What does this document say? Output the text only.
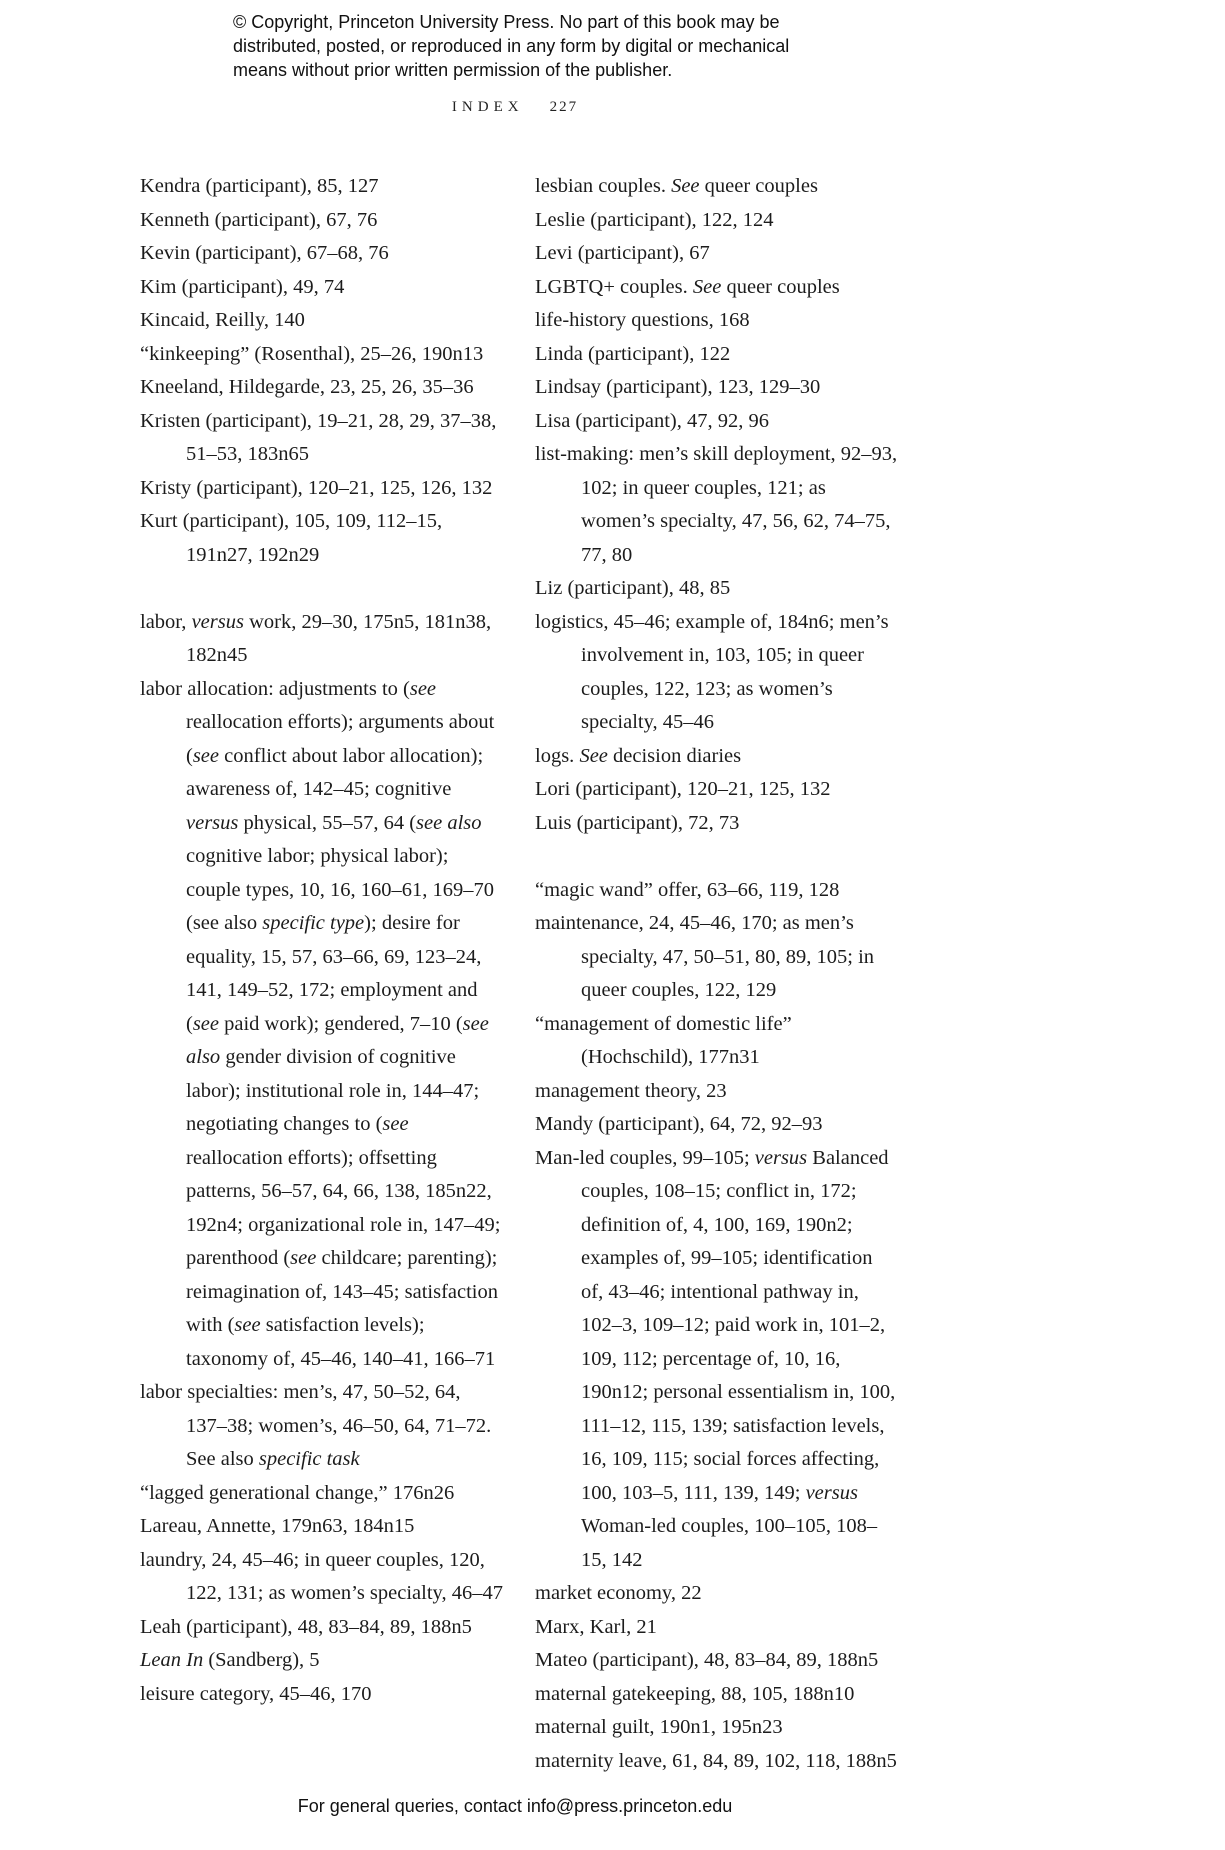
© Copyright, Princeton University Press. No part of this book may be
distributed, posted, or reproduced in any form by digital or mechanical
means without prior written permission of the publisher.
INDEX 227
Kendra (participant), 85, 127
Kenneth (participant), 67, 76
Kevin (participant), 67–68, 76
Kim (participant), 49, 74
Kincaid, Reilly, 140
“kinkeeping” (Rosenthal), 25–26, 190n13
Kneeland, Hildegarde, 23, 25, 26, 35–36
Kristen (participant), 19–21, 28, 29, 37–38, 51–53, 183n65
Kristy (participant), 120–21, 125, 126, 132
Kurt (participant), 105, 109, 112–15, 191n27, 192n29
labor, versus work, 29–30, 175n5, 181n38, 182n45
labor allocation: adjustments to (see reallocation efforts); arguments about (see conflict about labor allocation); awareness of, 142–45; cognitive versus physical, 55–57, 64 (see also cognitive labor; physical labor); couple types, 10, 16, 160–61, 169–70 (see also specific type); desire for equality, 15, 57, 63–66, 69, 123–24, 141, 149–52, 172; employment and (see paid work); gendered, 7–10 (see also gender division of cognitive labor); institutional role in, 144–47; negotiating changes to (see reallocation efforts); offsetting patterns, 56–57, 64, 66, 138, 185n22, 192n4; organizational role in, 147–49; parenthood (see childcare; parenting); reimagination of, 143–45; satisfaction with (see satisfaction levels); taxonomy of, 45–46, 140–41, 166–71
labor specialties: men’s, 47, 50–52, 64, 137–38; women’s, 46–50, 64, 71–72. See also specific task
“lagged generational change,” 176n26
Lareau, Annette, 179n63, 184n15
laundry, 24, 45–46; in queer couples, 120, 122, 131; as women’s specialty, 46–47
Leah (participant), 48, 83–84, 89, 188n5
Lean In (Sandberg), 5
leisure category, 45–46, 170
lesbian couples. See queer couples
Leslie (participant), 122, 124
Levi (participant), 67
LGBTQ+ couples. See queer couples
life-history questions, 168
Linda (participant), 122
Lindsay (participant), 123, 129–30
Lisa (participant), 47, 92, 96
list-making: men’s skill deployment, 92–93, 102; in queer couples, 121; as women’s specialty, 47, 56, 62, 74–75, 77, 80
Liz (participant), 48, 85
logistics, 45–46; example of, 184n6; men’s involvement in, 103, 105; in queer couples, 122, 123; as women’s specialty, 45–46
logs. See decision diaries
Lori (participant), 120–21, 125, 132
Luis (participant), 72, 73
“magic wand” offer, 63–66, 119, 128
maintenance, 24, 45–46, 170; as men’s specialty, 47, 50–51, 80, 89, 105; in queer couples, 122, 129
“management of domestic life” (Hochschild), 177n31
management theory, 23
Mandy (participant), 64, 72, 92–93
Man-led couples, 99–105; versus Balanced couples, 108–15; conflict in, 172; definition of, 4, 100, 169, 190n2; examples of, 99–105; identification of, 43–46; intentional pathway in, 102–3, 109–12; paid work in, 101–2, 109, 112; percentage of, 10, 16, 190n12; personal essentialism in, 100, 111–12, 115, 139; satisfaction levels, 16, 109, 115; social forces affecting, 100, 103–5, 111, 139, 149; versus Woman-led couples, 100–105, 108–15, 142
market economy, 22
Marx, Karl, 21
Mateo (participant), 48, 83–84, 89, 188n5
maternal gatekeeping, 88, 105, 188n10
maternal guilt, 190n1, 195n23
maternity leave, 61, 84, 89, 102, 118, 188n5
For general queries, contact info@press.princeton.edu
